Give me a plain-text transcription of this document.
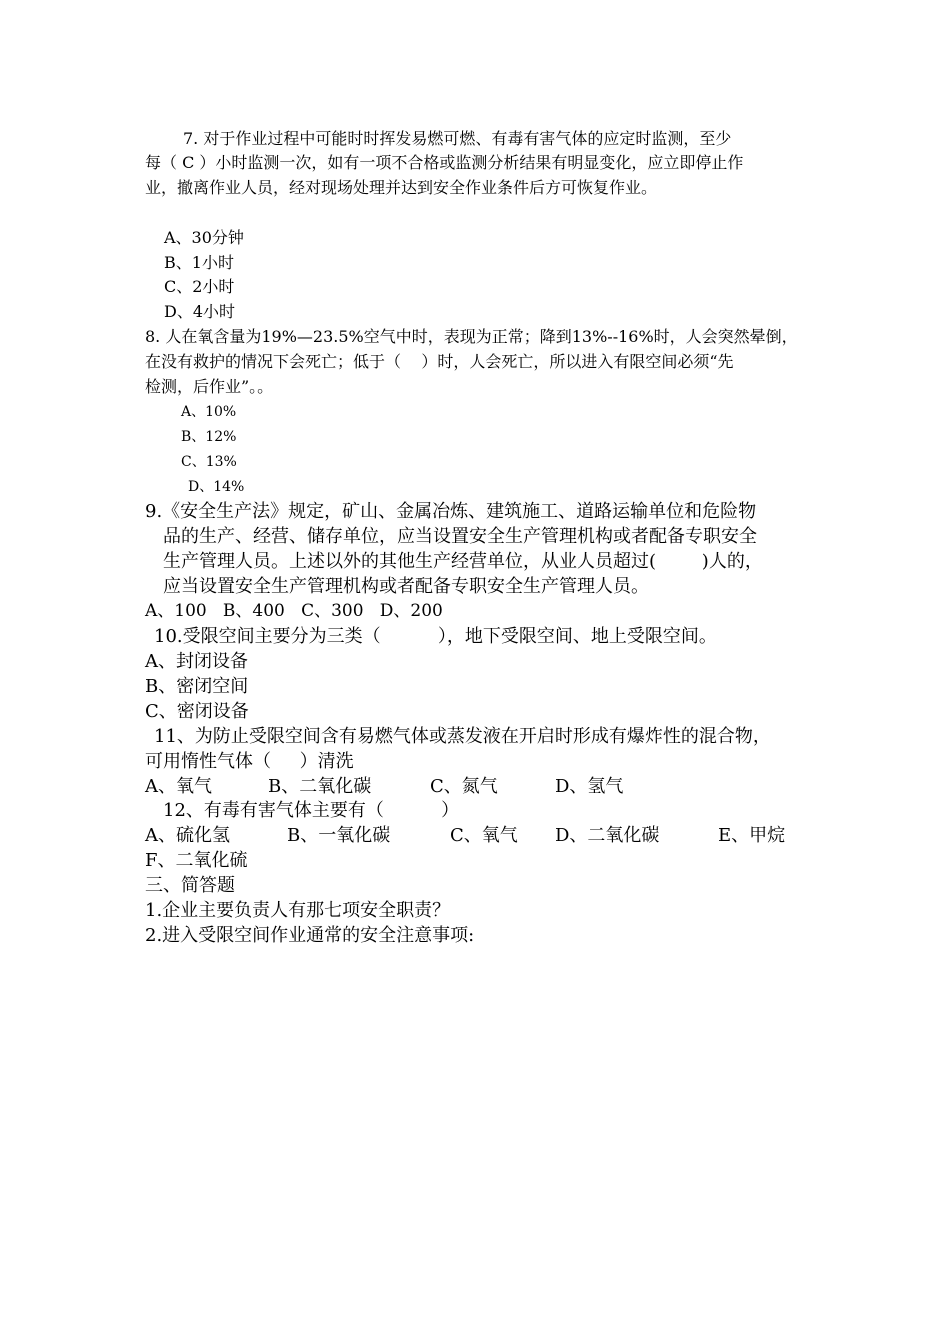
7. 对于作业过程中可能时时挥发易燃可燃、有毒有害气体的应定时监测，至少
每（ C ）小时监测一次，如有一项不合格或监测分析结果有明显变化，应立即停止作
业，撤离作业人员，经对现场处理并达到安全作业条件后方可恢复作业。
A、30分钟
B、1小时
C、2小时
D、4小时
8. 人在氧含量为19%—23.5%空气中时，表现为正常；降到13%--16%时，人会突然晕倒，
在没有救护的情况下会死亡；低于（    ）时，人会死亡，所以进入有限空间必须“先
检测，后作业”。。
A、10%
B、12%
C、13%
D、14%
9.《安全生产法》规定，矿山、金属冶炼、建筑施工、道路运输单位和危险物
品的生产、经营、储存单位，应当设置安全生产管理机构或者配备专职安全
生产管理人员。上述以外的其他生产经营单位，从业人员超过(        )人的，
应当设置安全生产管理机构或者配备专职安全生产管理人员。
A、100   B、400   C、300   D、200
10.受限空间主要分为三类（          ），地下受限空间、地上受限空间。
A、封闭设备
B、密闭空间
C、密闭设备
11、为防止受限空间含有易燃气体或蒸发液在开启时形成有爆炸性的混合物，
可用惰性气体（     ）清洗
A、氧气	B、二氧化碳	C、氮气	D、氢气
12、有毒有害气体主要有（          ）
A、硫化氢	B、一氧化碳	C、氧气 D、二氧化碳	E、甲烷
F、二氧化硫
三、简答题
1.企业主要负责人有那七项安全职责？
2.进入受限空间作业通常的安全注意事项:
